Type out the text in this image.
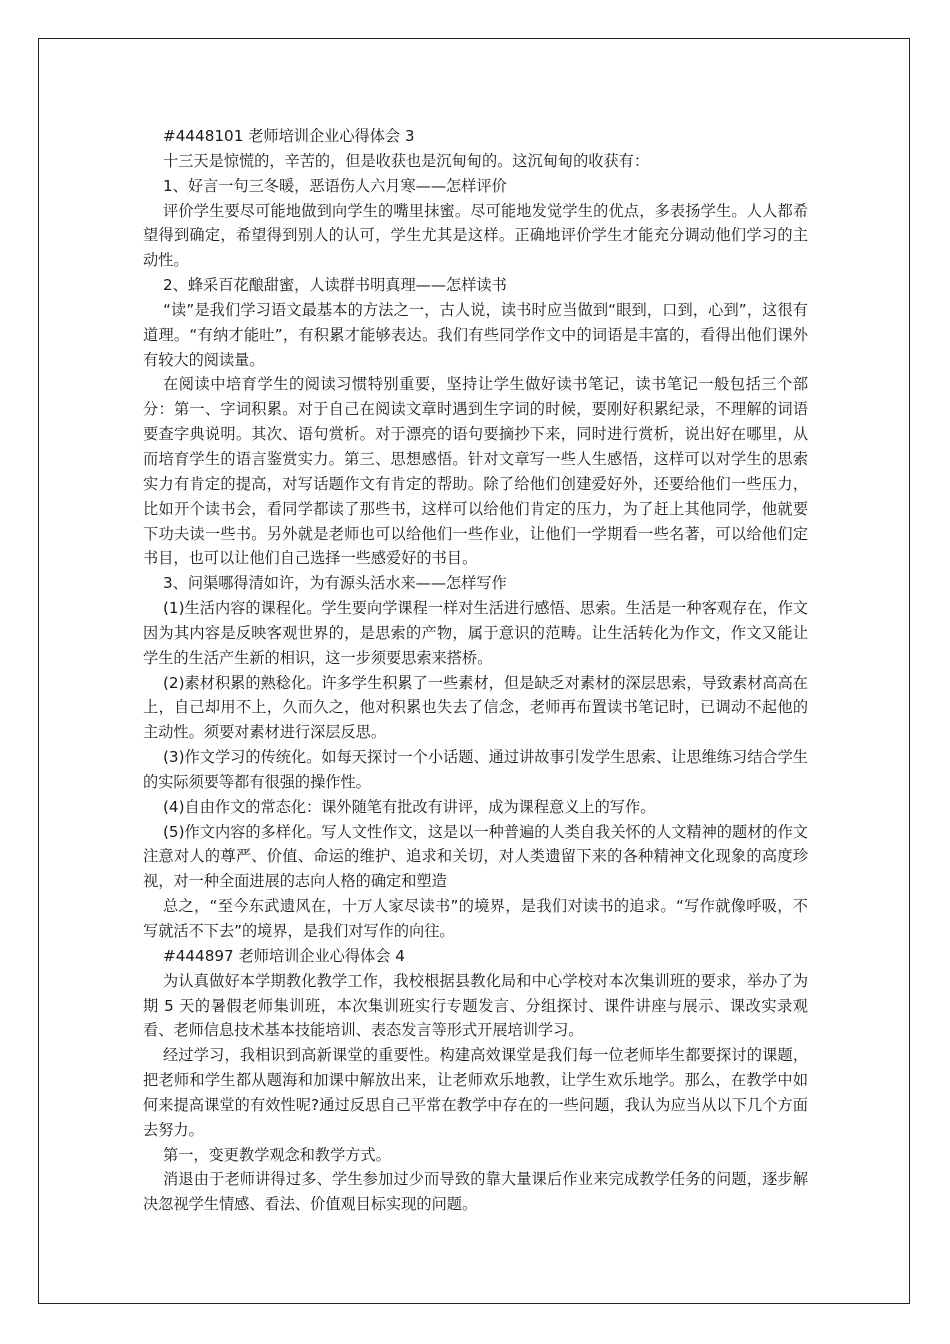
#4448101 老师培训企业心得体会 3

十三天是惊慌的，辛苦的，但是收获也是沉甸甸的。这沉甸甸的收获有：

1、好言一句三冬暖，恶语伤人六月寒——怎样评价

评价学生要尽可能地做到向学生的嘴里抹蜜。尽可能地发觉学生的优点，多表扬学生。人人都希望得到确定，希望得到别人的认可，学生尤其是这样。正确地评价学生才能充分调动他们学习的主动性。

2、蜂采百花酿甜蜜，人读群书明真理——怎样读书

“读”是我们学习语文最基本的方法之一，古人说，读书时应当做到“眼到，口到，心到”，这很有道理。“有纳才能吐”，有积累才能够表达。我们有些同学作文中的词语是丰富的，看得出他们课外有较大的阅读量。

在阅读中培育学生的阅读习惯特别重要，坚持让学生做好读书笔记，读书笔记一般包括三个部分：第一、字词积累。对于自己在阅读文章时遇到生字词的时候，要刚好积累纪录，不理解的词语要查字典说明。其次、语句赏析。对于漂亮的语句要摘抄下来，同时进行赏析，说出好在哪里，从而培育学生的语言鉴赏实力。第三、思想感悟。针对文章写一些人生感悟，这样可以对学生的思索实力有肯定的提高，对写话题作文有肯定的帮助。除了给他们创建爱好外，还要给他们一些压力，比如开个读书会，看同学都读了那些书，这样可以给他们肯定的压力，为了赶上其他同学，他就要下功夫读一些书。另外就是老师也可以给他们一些作业，让他们一学期看一些名著，可以给他们定书目，也可以让他们自己选择一些感爱好的书目。

3、问渠哪得清如许，为有源头活水来——怎样写作

(1)生活内容的课程化。学生要向学课程一样对生活进行感悟、思索。生活是一种客观存在，作文因为其内容是反映客观世界的，是思索的产物，属于意识的范畴。让生活转化为作文，作文又能让学生的生活产生新的相识，这一步须要思索来搭桥。

(2)素材积累的熟稔化。许多学生积累了一些素材，但是缺乏对素材的深层思索，导致素材高高在上，自己却用不上，久而久之，他对积累也失去了信念，老师再布置读书笔记时，已调动不起他的主动性。须要对素材进行深层反思。

(3)作文学习的传统化。如每天探讨一个小话题、通过讲故事引发学生思索、让思维练习结合学生的实际须要等都有很强的操作性。

(4)自由作文的常态化：课外随笔有批改有讲评，成为课程意义上的写作。

(5)作文内容的多样化。写人文性作文，这是以一种普遍的人类自我关怀的人文精神的题材的作文注意对人的尊严、价值、命运的维护、追求和关切，对人类遗留下来的各种精神文化现象的高度珍视，对一种全面进展的志向人格的确定和塑造

总之，“至今东武遗风在，十万人家尽读书”的境界，是我们对读书的追求。“写作就像呼吸，不写就活不下去”的境界，是我们对写作的向往。

#444897 老师培训企业心得体会 4

为认真做好本学期教化教学工作，我校根据县教化局和中心学校对本次集训班的要求，举办了为期 5 天的暑假老师集训班，本次集训班实行专题发言、分组探讨、课件讲座与展示、课改实录观看、老师信息技术基本技能培训、表态发言等形式开展培训学习。

经过学习，我相识到高新课堂的重要性。构建高效课堂是我们每一位老师毕生都要探讨的课题，把老师和学生都从题海和加课中解放出来，让老师欢乐地教，让学生欢乐地学。那么，在教学中如何来提高课堂的有效性呢?通过反思自己平常在教学中存在的一些问题，我认为应当从以下几个方面去努力。

第一，变更教学观念和教学方式。

消退由于老师讲得过多、学生参加过少而导致的靠大量课后作业来完成教学任务的问题，逐步解决忽视学生情感、看法、价值观目标实现的问题。
